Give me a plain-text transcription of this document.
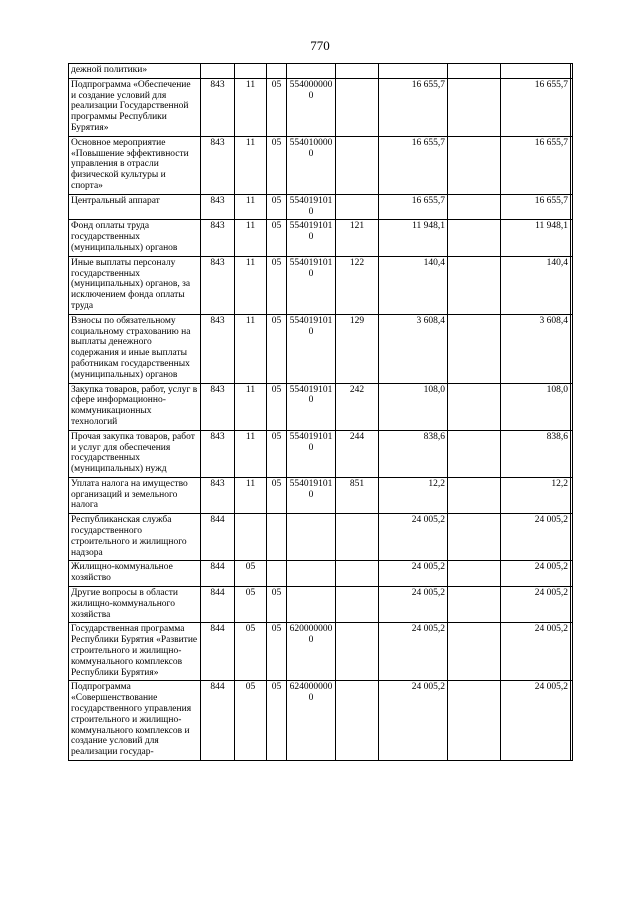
770
дежной политики»									
Подпрограмма «Обеспечение и создание условий для реализации Государственной программы Республики Бурятия»	843	11	05	5540000000		16 655,7		16 655,7	
Основное мероприятие «Повышение эффективности управления в отрасли физической культуры и спорта»	843	11	05	5540100000		16 655,7		16 655,7	
Центральный аппарат	843	11	05	5540191010		16 655,7		16 655,7	
Фонд оплаты труда государственных (муниципальных) органов	843	11	05	5540191010	121	11 948,1		11 948,1	
Иные выплаты персоналу государственных (муниципальных) органов, за исключением фонда оплаты труда	843	11	05	5540191010	122	140,4		140,4	
Взносы по обязательному социальному страхованию на выплаты денежного содержания и иные выплаты работникам государственных (муниципальных) органов	843	11	05	5540191010	129	3 608,4		3 608,4	
Закупка товаров, работ, услуг в сфере информационно-коммуникационных технологий	843	11	05	5540191010	242	108,0		108,0	
Прочая закупка товаров, работ и услуг для обеспечения государственных (муниципальных) нужд	843	11	05	5540191010	244	838,6		838,6	
Уплата налога на имущество организаций и земельного налога	843	11	05	5540191010	851	12,2		12,2	
Республиканская служба государственного строительного и жилищного надзора	844					24 005,2		24 005,2	
Жилищно-коммунальное хозяйство	844	05				24 005,2		24 005,2	
Другие вопросы в области жилищно-коммунального хозяйства	844	05	05			24 005,2		24 005,2	
Государственная программа Республики Бурятия «Развитие строительного и жилищно-коммунального комплексов Республики Бурятия»	844	05	05	6200000000		24 005,2		24 005,2	
Подпрограмма «Совершенствование государственного управления строительного и жилищно-коммунального комплексов и создание условий для реализации государ-	844	05	05	6240000000		24 005,2		24 005,2	
